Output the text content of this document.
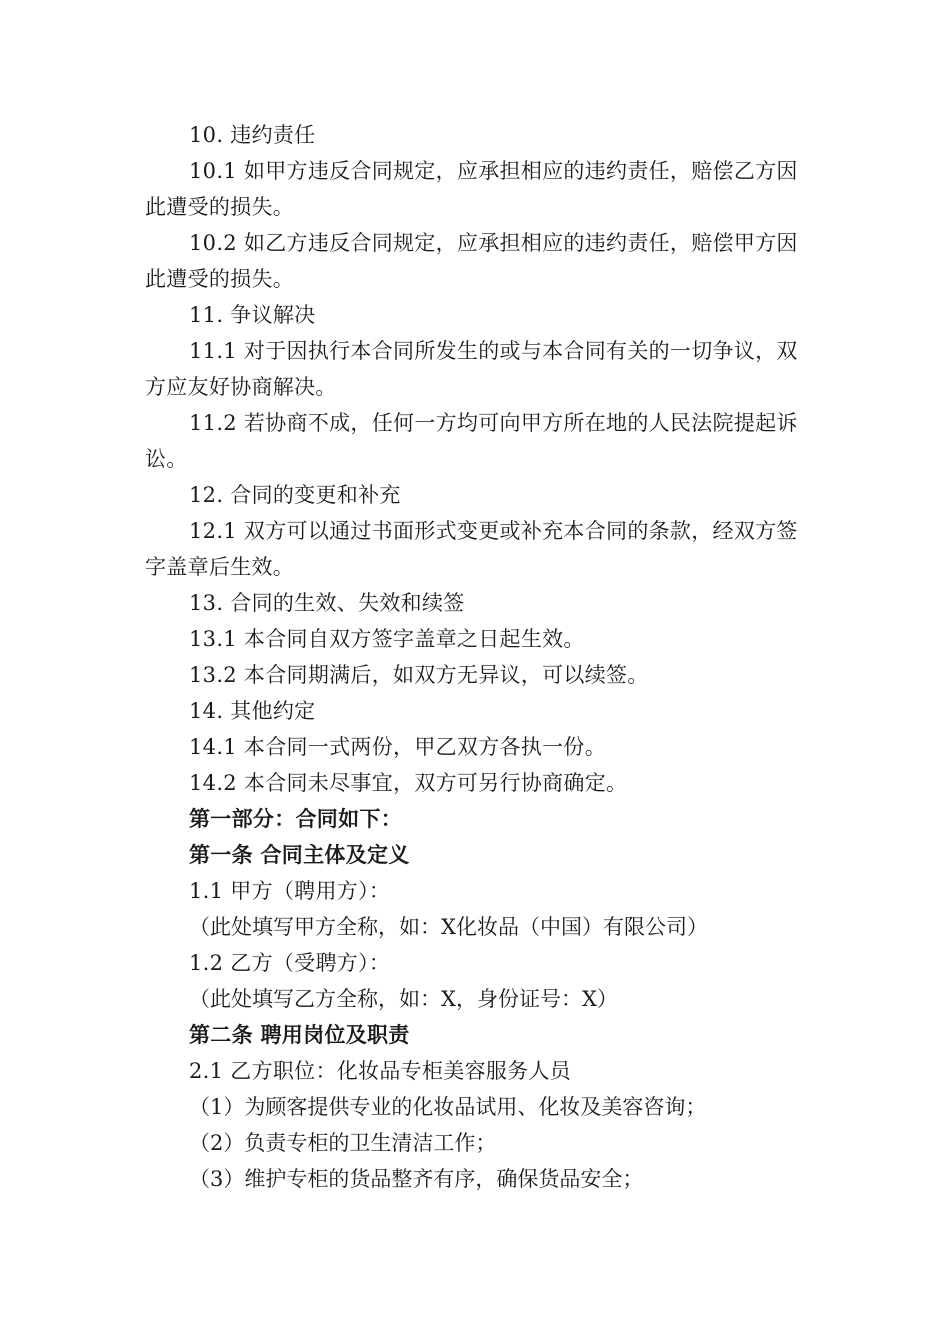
10. 违约责任

10.1 如甲方违反合同规定，应承担相应的违约责任，赔偿乙方因此遭受的损失。

10.2 如乙方违反合同规定，应承担相应的违约责任，赔偿甲方因此遭受的损失。

11. 争议解决

11.1 对于因执行本合同所发生的或与本合同有关的一切争议，双方应友好协商解决。

11.2 若协商不成，任何一方均可向甲方所在地的人民法院提起诉讼。

12. 合同的变更和补充

12.1 双方可以通过书面形式变更或补充本合同的条款，经双方签字盖章后生效。

13. 合同的生效、失效和续签

13.1 本合同自双方签字盖章之日起生效。

13.2 本合同期满后，如双方无异议，可以续签。

14. 其他约定

14.1 本合同一式两份，甲乙双方各执一份。

14.2 本合同未尽事宜，双方可另行协商确定。

第一部分：合同如下：

第一条 合同主体及定义

1.1 甲方（聘用方）：

（此处填写甲方全称，如：X化妆品（中国）有限公司）

1.2 乙方（受聘方）：

（此处填写乙方全称，如：X，身份证号：X）

第二条 聘用岗位及职责

2.1 乙方职位：化妆品专柜美容服务人员

（1）为顾客提供专业的化妆品试用、化妆及美容咨询；

（2）负责专柜的卫生清洁工作；

（3）维护专柜的货品整齐有序，确保货品安全；
